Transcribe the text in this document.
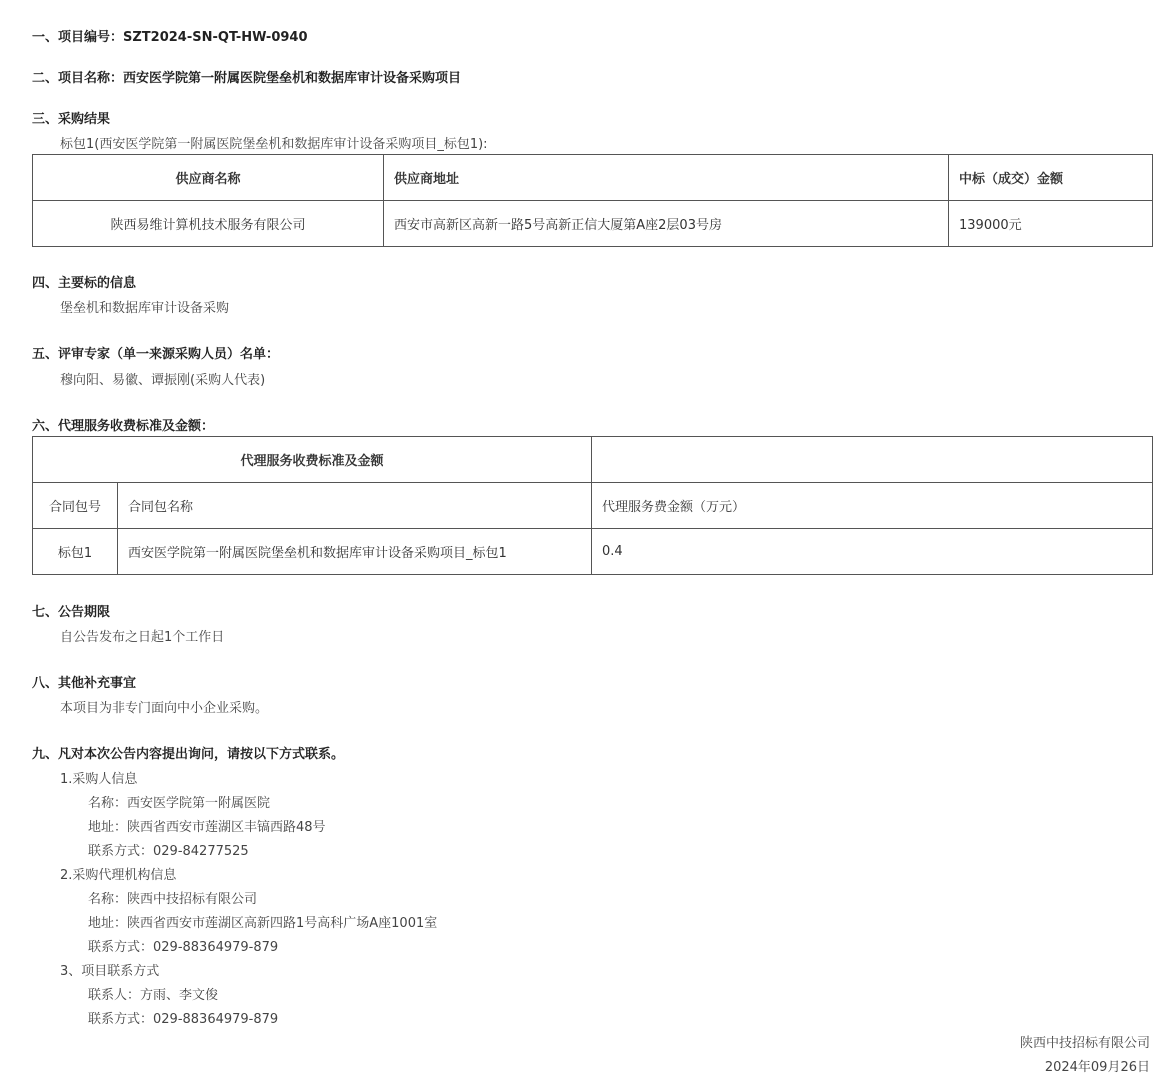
一、项目编号：SZT2024-SN-QT-HW-0940
二、项目名称：西安医学院第一附属医院堡垒机和数据库审计设备采购项目
三、采购结果
标包1(西安医学院第一附属医院堡垒机和数据库审计设备采购项目_标包1):
供应商名称	供应商地址	中标（成交）金额
陕西易维计算机技术服务有限公司	西安市高新区高新一路5号高新正信大厦第A座2层03号房	139000元
四、主要标的信息
堡垒机和数据库审计设备采购
五、评审专家（单一来源采购人员）名单：
穆向阳、易徽、谭振刚(采购人代表)
六、代理服务收费标准及金额：
代理服务收费标准及金额		
合同包号	合同包名称	代理服务费金额（万元）
标包1	西安医学院第一附属医院堡垒机和数据库审计设备采购项目_标包1	0.4
七、公告期限
自公告发布之日起1个工作日
八、其他补充事宜
本项目为非专门面向中小企业采购。
九、凡对本次公告内容提出询问，请按以下方式联系。
1.采购人信息
名称：西安医学院第一附属医院
地址：陕西省西安市莲湖区丰镐西路48号
联系方式：029-84277525
2.采购代理机构信息
名称：陕西中技招标有限公司
地址：陕西省西安市莲湖区高新四路1号高科广场A座1001室
联系方式：029-88364979-879
3、项目联系方式
联系人：方雨、李文俊
联系方式：029-88364979-879
陕西中技招标有限公司
2024年09月26日
